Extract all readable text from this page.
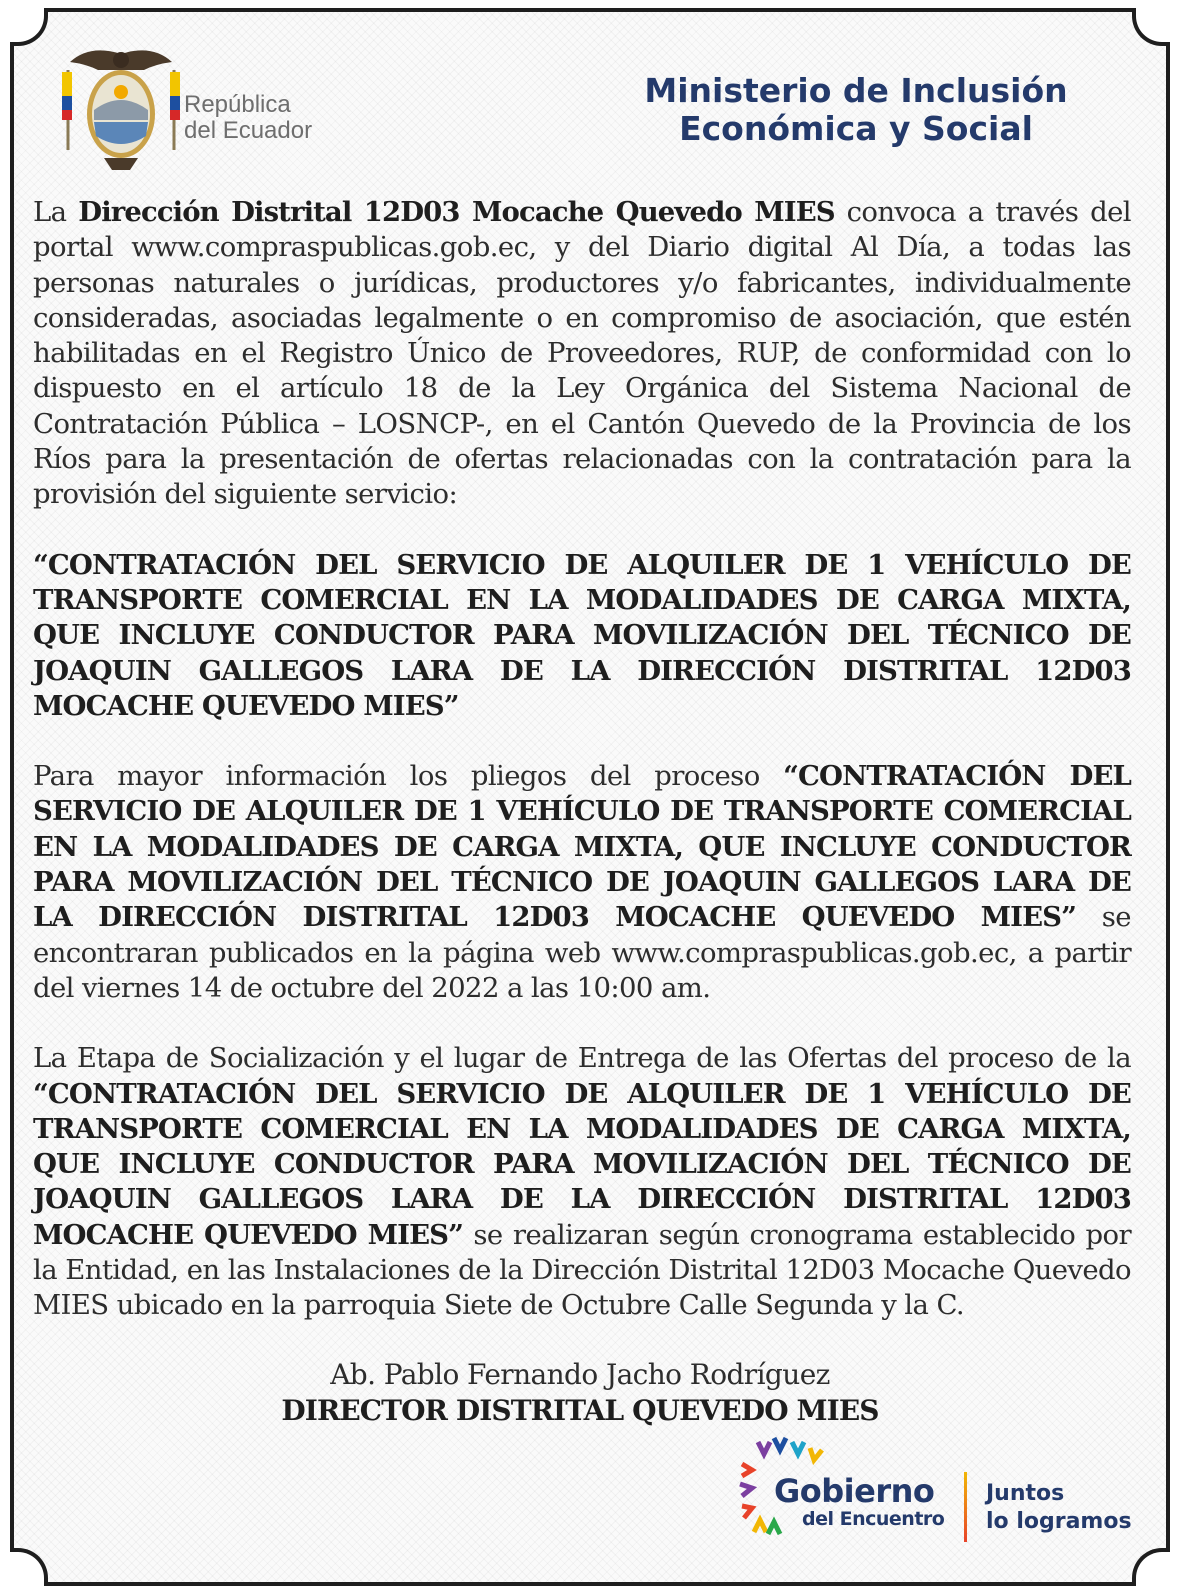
República
del Ecuador
Ministerio de Inclusión
Económica y Social

La Dirección Distrital 12D03 Mocache Quevedo MIES convoca a través del portal www.compraspublicas.gob.ec, y del Diario digital Al Día, a todas las personas naturales o jurídicas, productores y/o fabricantes, individualmente consideradas, asociadas legalmente o en compromiso de asociación, que estén habilitadas en el Registro Único de Proveedores, RUP, de conformidad con lo dispuesto en el artículo 18 de la Ley Orgánica del Sistema Nacional de Contratación Pública – LOSNCP-, en el Cantón Quevedo de la Provincia de los Ríos para la presentación de ofertas relacionadas con la contratación para la provisión del siguiente servicio:

“CONTRATACIÓN DEL SERVICIO DE ALQUILER DE 1 VEHÍCULO DE TRANSPORTE COMERCIAL EN LA MODALIDADES DE CARGA MIXTA, QUE INCLUYE CONDUCTOR PARA MOVILIZACIÓN DEL TÉCNICO DE JOAQUIN GALLEGOS LARA DE LA DIRECCIÓN DISTRITAL 12D03 MOCACHE QUEVEDO MIES”

Para mayor información los pliegos del proceso “CONTRATACIÓN DEL SERVICIO DE ALQUILER DE 1 VEHÍCULO DE TRANSPORTE COMERCIAL EN LA MODALIDADES DE CARGA MIXTA, QUE INCLUYE CONDUCTOR PARA MOVILIZACIÓN DEL TÉCNICO DE JOAQUIN GALLEGOS LARA DE LA DIRECCIÓN DISTRITAL 12D03 MOCACHE QUEVEDO MIES” se encontraran publicados en la página web www.compraspublicas.gob.ec, a partir del viernes 14 de octubre del 2022 a las 10:00 am.

La Etapa de Socialización y el lugar de Entrega de las Ofertas del proceso de la “CONTRATACIÓN DEL SERVICIO DE ALQUILER DE 1 VEHÍCULO DE TRANSPORTE COMERCIAL EN LA MODALIDADES DE CARGA MIXTA, QUE INCLUYE CONDUCTOR PARA MOVILIZACIÓN DEL TÉCNICO DE JOAQUIN GALLEGOS LARA DE LA DIRECCIÓN DISTRITAL 12D03 MOCACHE QUEVEDO MIES” se realizaran según cronograma establecido por la Entidad, en las Instalaciones de la Dirección Distrital 12D03 Mocache Quevedo MIES ubicado en la parroquia Siete de Octubre Calle Segunda y la C.

Ab. Pablo Fernando Jacho Rodríguez
DIRECTOR DISTRITAL QUEVEDO MIES
Gobierno
del Encuentro
Juntos
lo logramos
